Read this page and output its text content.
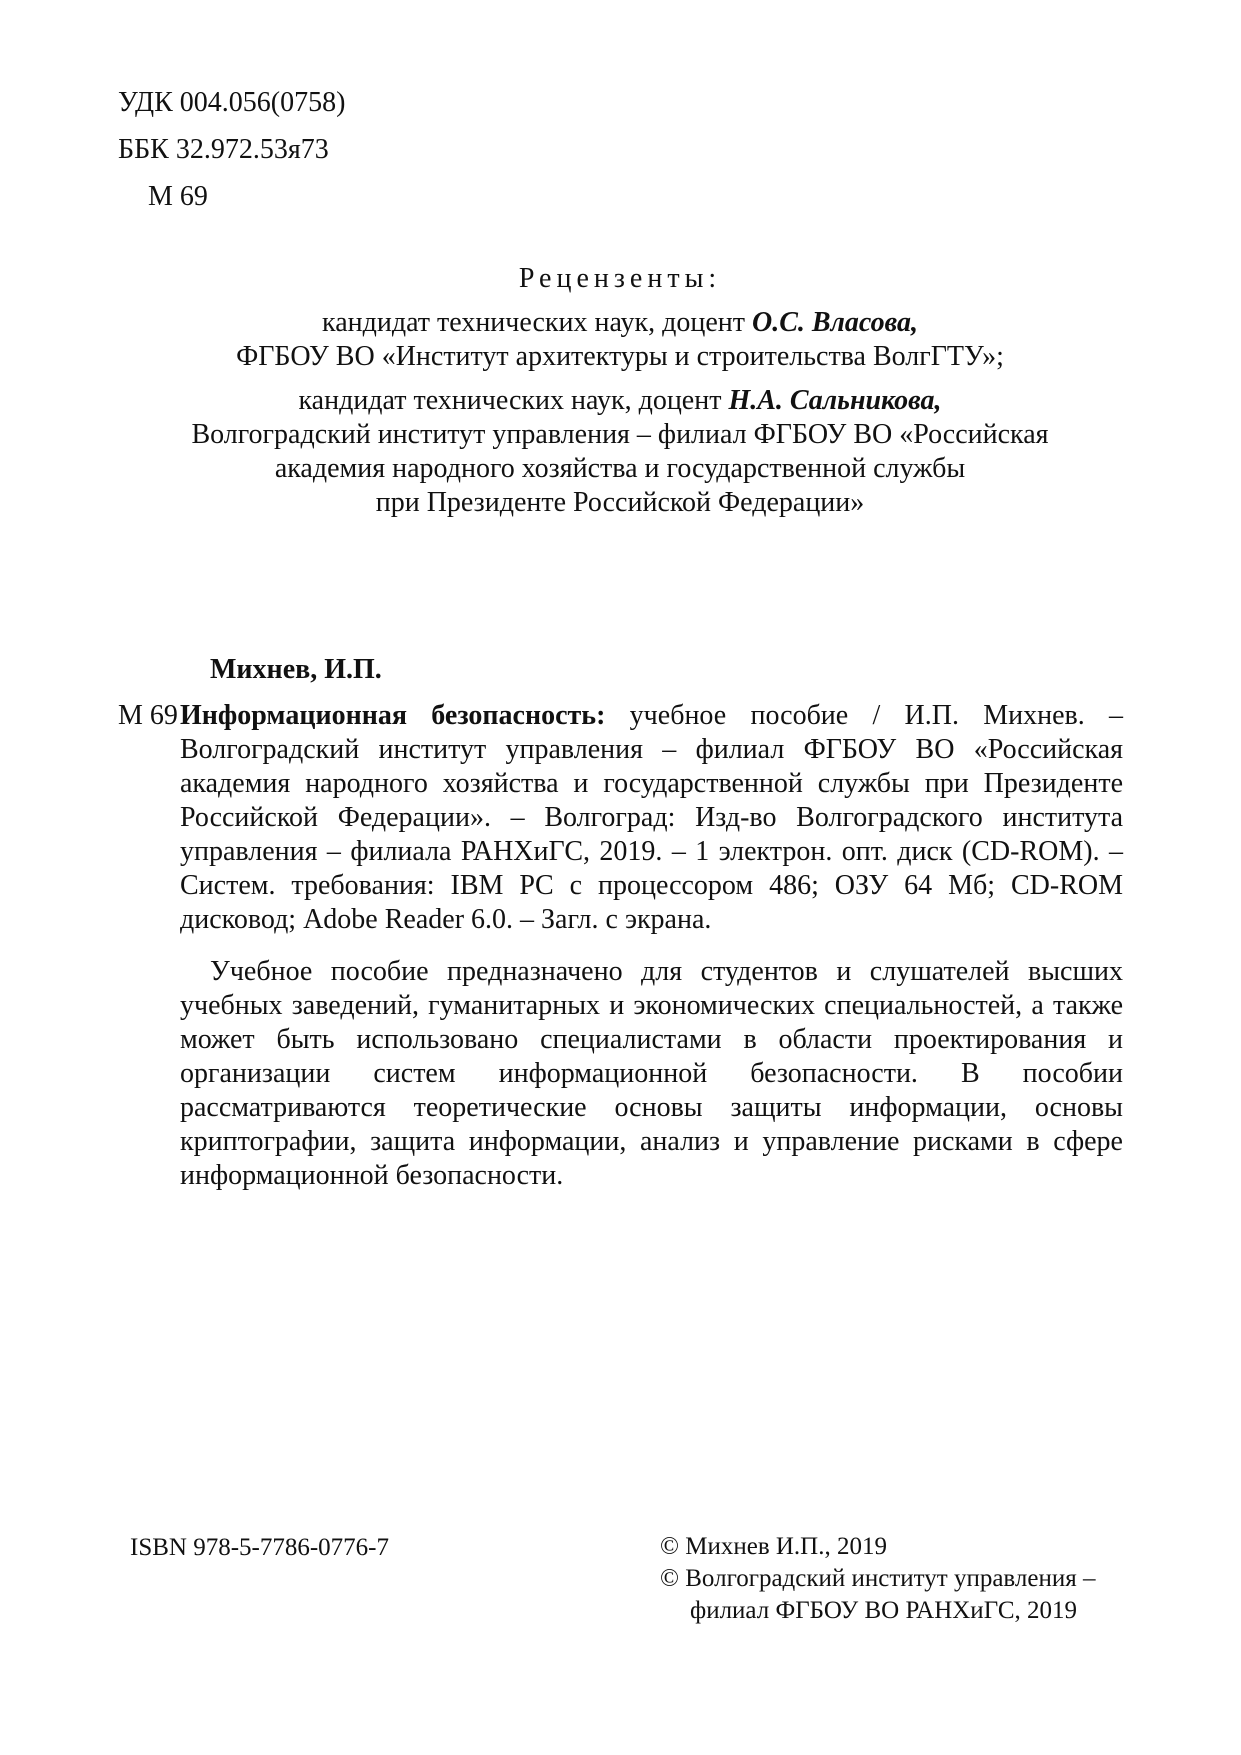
УДК 004.056(0758)
ББК 32.972.53я73
М 69
Рецензенты:
кандидат технических наук, доцент О.С. Власова,
ФГБОУ ВО «Институт архитектуры и строительства ВолгГТУ»;
кандидат технических наук, доцент Н.А. Сальникова,
Волгоградский институт управления – филиал ФГБОУ ВО «Российская
академия народного хозяйства и государственной службы
при Президенте Российской Федерации»
Михнев, И.П.
М 69 Информационная безопасность: учебное пособие / И.П. Михнев. – Волгоградский институт управления – филиал ФГБОУ ВО «Российская академия народного хозяйства и государственной службы при Президенте Российской Федерации». – Волгоград: Изд-во Волгоградского института управления – филиала РАНХиГС, 2019. – 1 электрон. опт. диск (CD-ROM). – Систем. требования: IBM PC с процессором 486; ОЗУ 64 Мб; CD-ROM дисковод; Adobe Reader 6.0. – Загл. с экрана.

Учебное пособие предназначено для студентов и слушателей высших учебных заведений, гуманитарных и экономических специальностей, а также может быть использовано специалистами в области проектирования и организации систем информационной безопасности. В пособии рассматриваются теоретические основы защиты информации, основы криптографии, защита информации, анализ и управление рисками в сфере информационной безопасности.

ISBN 978-5-7786-0776-7	© Михнев И.П., 2019
© Волгоградский институт управления –
филиал ФГБОУ ВО РАНХиГС, 2019
